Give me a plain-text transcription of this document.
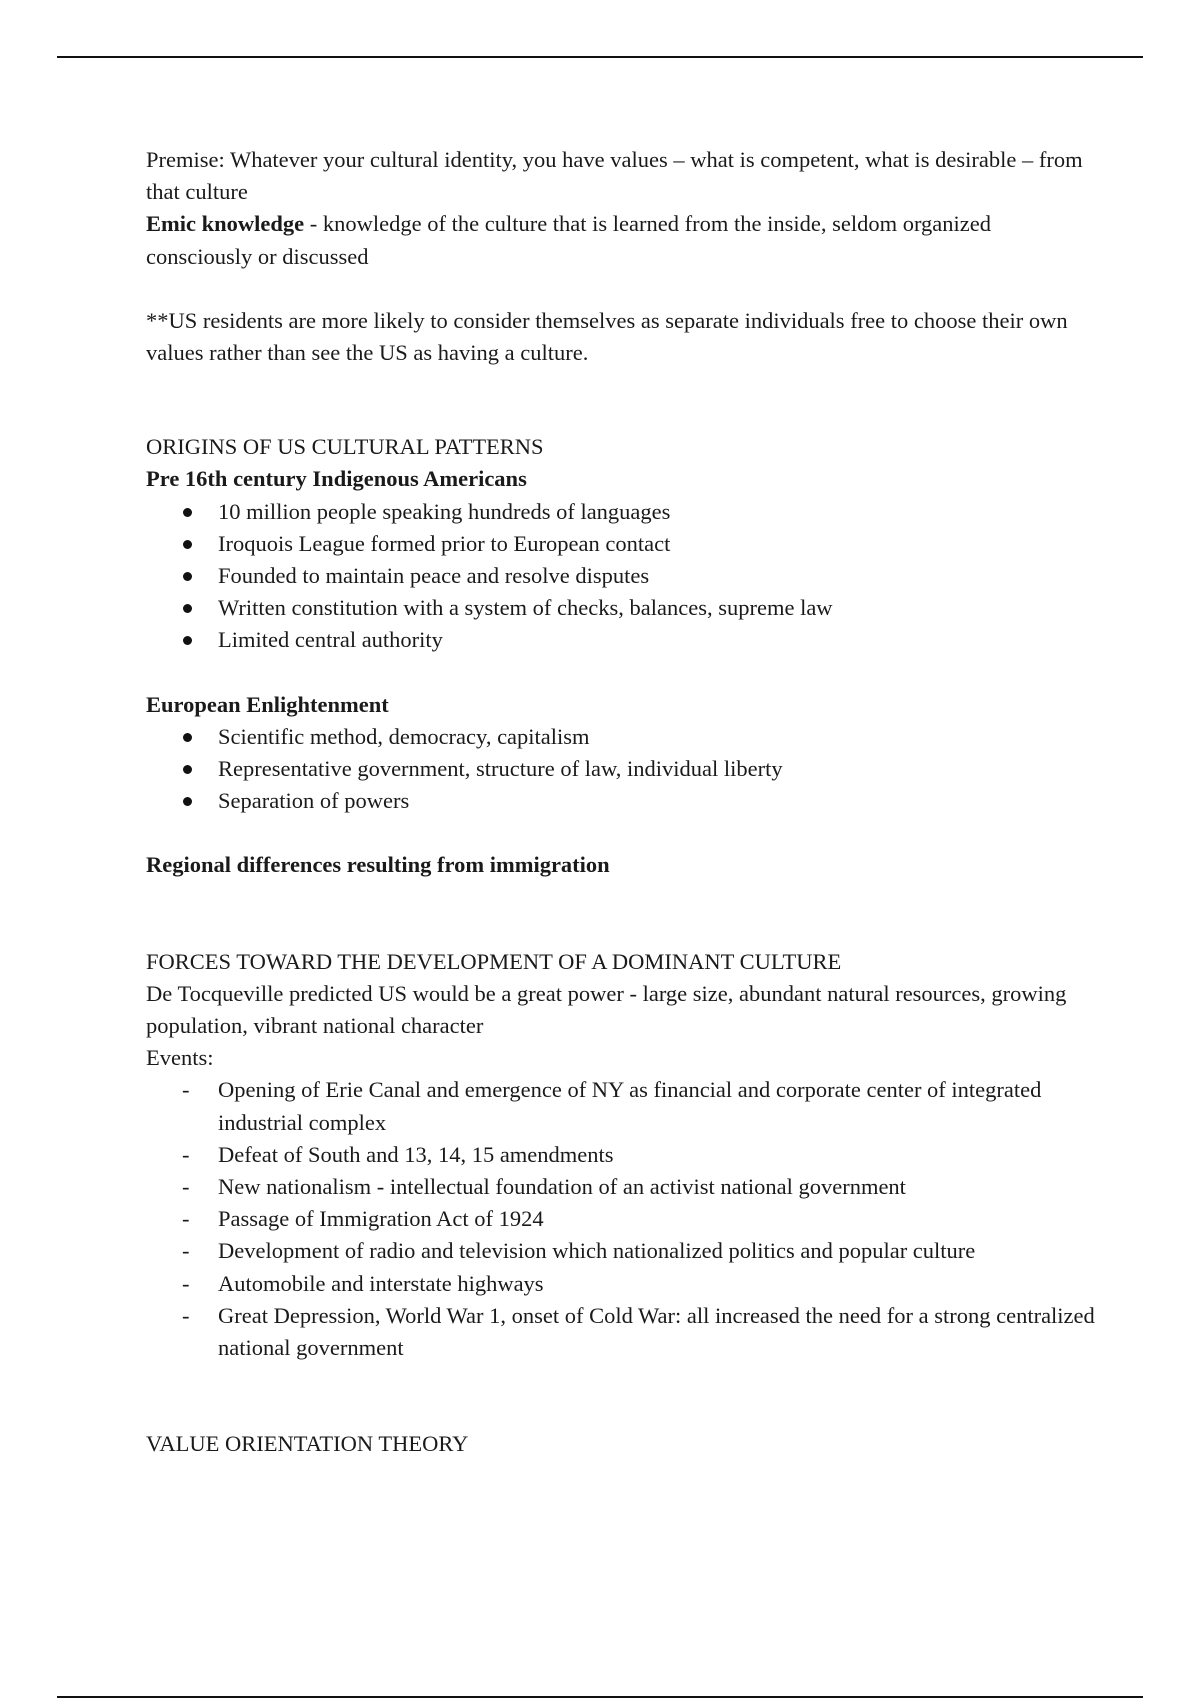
Premise: Whatever your cultural identity, you have values – what is competent, what is desirable – from that culture

Emic knowledge - knowledge of the culture that is learned from the inside, seldom organized consciously or discussed

**US residents are more likely to consider themselves as separate individuals free to choose their own values rather than see the US as having a culture.

ORIGINS OF US CULTURAL PATTERNS

Pre 16th century Indigenous Americans

10 million people speaking hundreds of languages
Iroquois League formed prior to European contact
Founded to maintain peace and resolve disputes
Written constitution with a system of checks, balances, supreme law
Limited central authority

European Enlightenment

Scientific method, democracy, capitalism
Representative government, structure of law, individual liberty
Separation of powers

Regional differences resulting from immigration

FORCES TOWARD THE DEVELOPMENT OF A DOMINANT CULTURE

De Tocqueville predicted US would be a great power - large size, abundant natural resources, growing population, vibrant national character

Events:

-	Opening of Erie Canal and emergence of NY as financial and corporate center of integrated industrial complex
-	Defeat of South and 13, 14, 15 amendments
-	New nationalism - intellectual foundation of an activist national government
-	Passage of Immigration Act of 1924
-	Development of radio and television which nationalized politics and popular culture
-	Automobile and interstate highways
-	Great Depression, World War 1, onset of Cold War: all increased the need for a strong centralized national government

VALUE ORIENTATION THEORY
